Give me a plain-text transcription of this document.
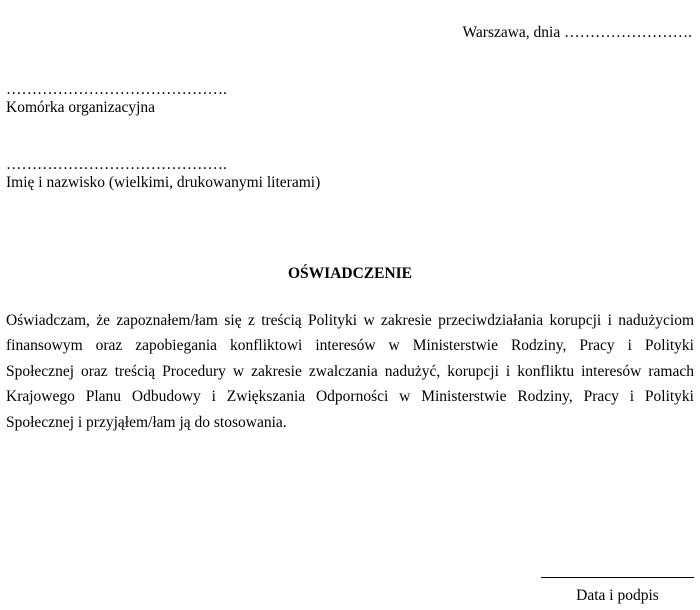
Warszawa, dnia …………………….
…………………………………….
Komórka organizacyjna
…………………………………….
Imię i nazwisko (wielkimi, drukowanymi literami)
OŚWIADCZENIE
Oświadczam, że zapoznałem/łam się z treścią Polityki w zakresie przeciwdziałania korupcji i nadużyciom
finansowym oraz zapobiegania konfliktowi interesów w Ministerstwie Rodziny, Pracy i Polityki
Społecznej oraz treścią Procedury w zakresie zwalczania nadużyć, korupcji i konfliktu interesów ramach
Krajowego Planu Odbudowy i Zwiększania Odporności w Ministerstwie Rodziny, Pracy i Polityki
Społecznej i przyjąłem/łam ją do stosowania.
Data i podpis
